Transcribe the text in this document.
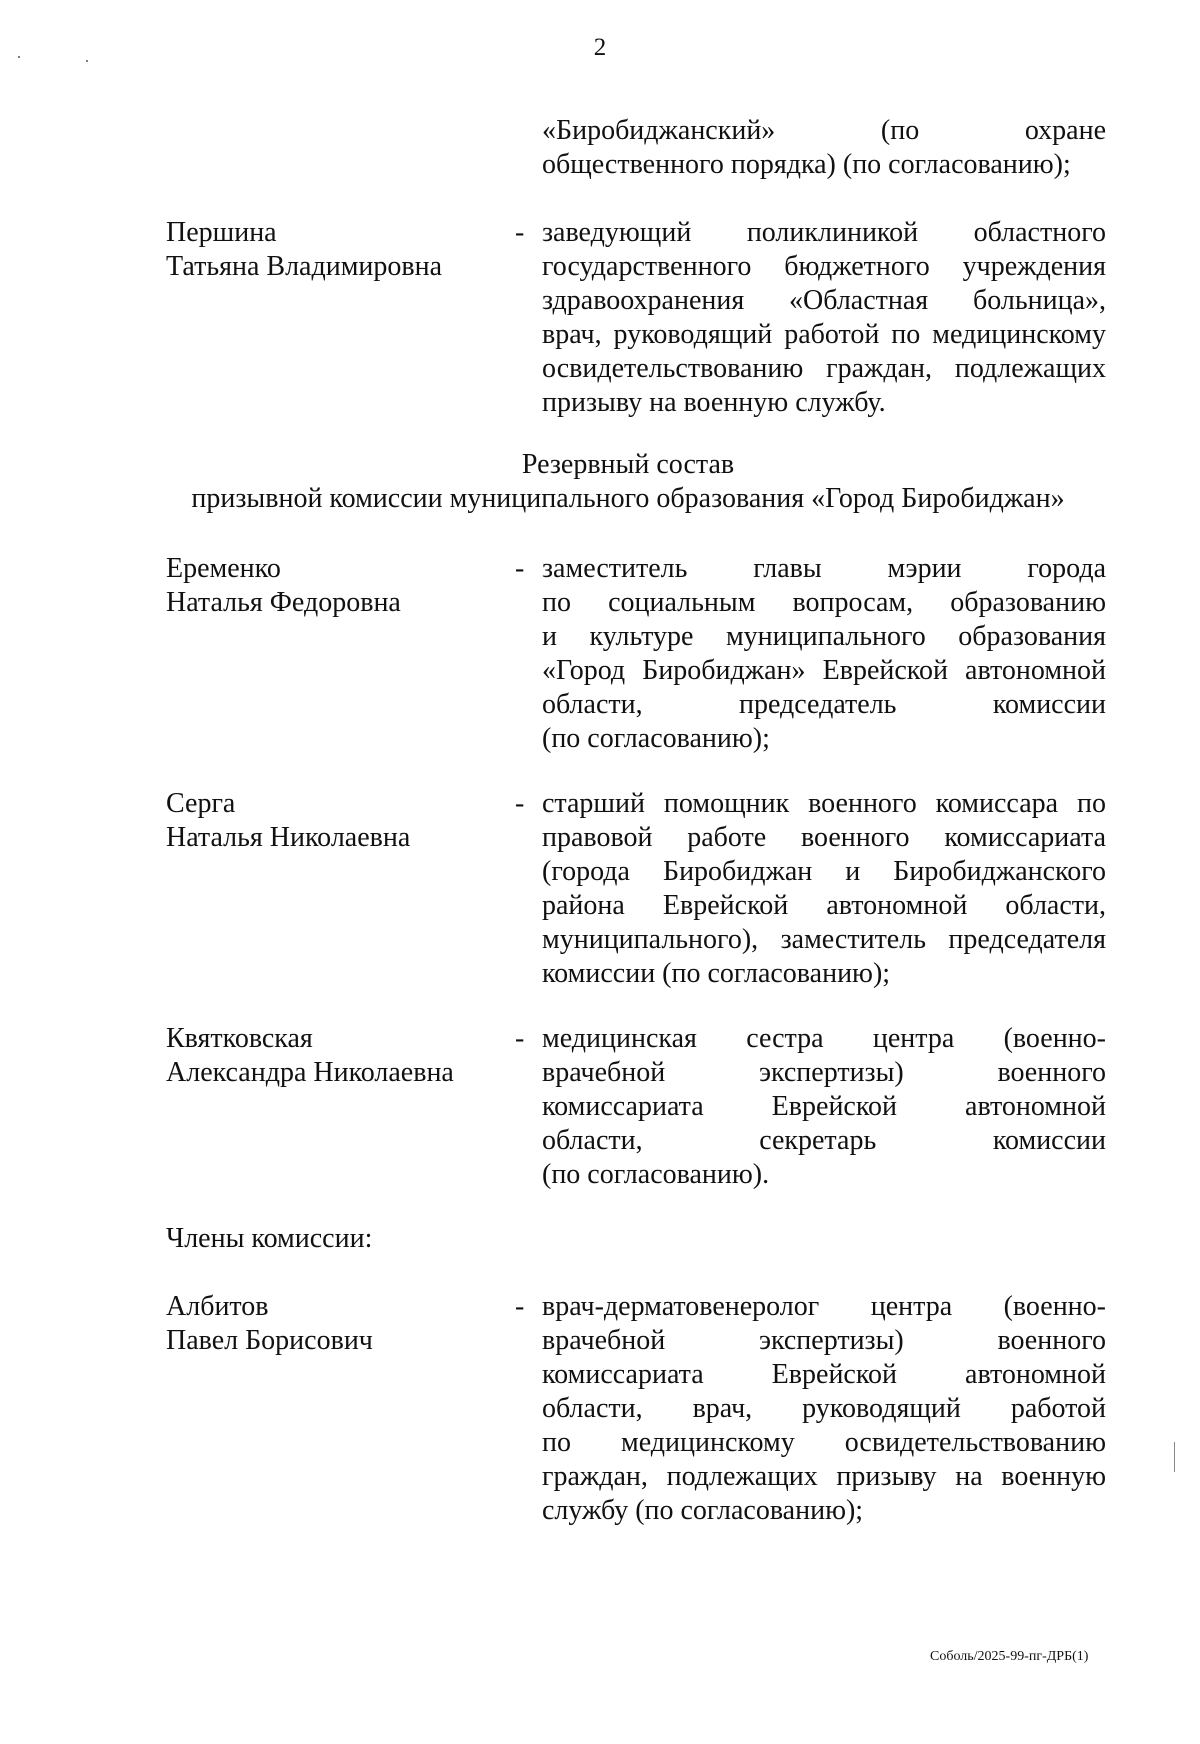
2
«Биробиджанский» (по охране
общественного порядка) (по согласованию);
Першина
Татьяна Владимировна
- заведующий поликлиникой областного
государственного бюджетного учреждения
здравоохранения «Областная больница»,
врач, руководящий работой по медицинскому
освидетельствованию граждан, подлежащих
призыву на военную службу.
Резервный состав
призывной комиссии муниципального образования «Город Биробиджан»
Еременко
Наталья Федоровна
- заместитель главы мэрии города
по социальным вопросам, образованию
и культуре муниципального образования
«Город Биробиджан» Еврейской автономной
области, председатель комиссии
(по согласованию);
Серга
Наталья Николаевна
- старший помощник военного комиссара по
правовой работе военного комиссариата
(города Биробиджан и Биробиджанского
района Еврейской автономной области,
муниципального), заместитель председателя
комиссии (по согласованию);
Квятковская
Александра Николаевна
- медицинская сестра центра (военно-
врачебной экспертизы) военного
комиссариата Еврейской автономной
области, секретарь комиссии
(по согласованию).
Члены комиссии:
Албитов
Павел Борисович
- врач-дерматовенеролог центра (военно-
врачебной экспертизы) военного
комиссариата Еврейской автономной
области, врач, руководящий работой
по медицинскому освидетельствованию
граждан, подлежащих призыву на военную
службу (по согласованию);
Соболь/2025-99-пг-ДРБ(1)
